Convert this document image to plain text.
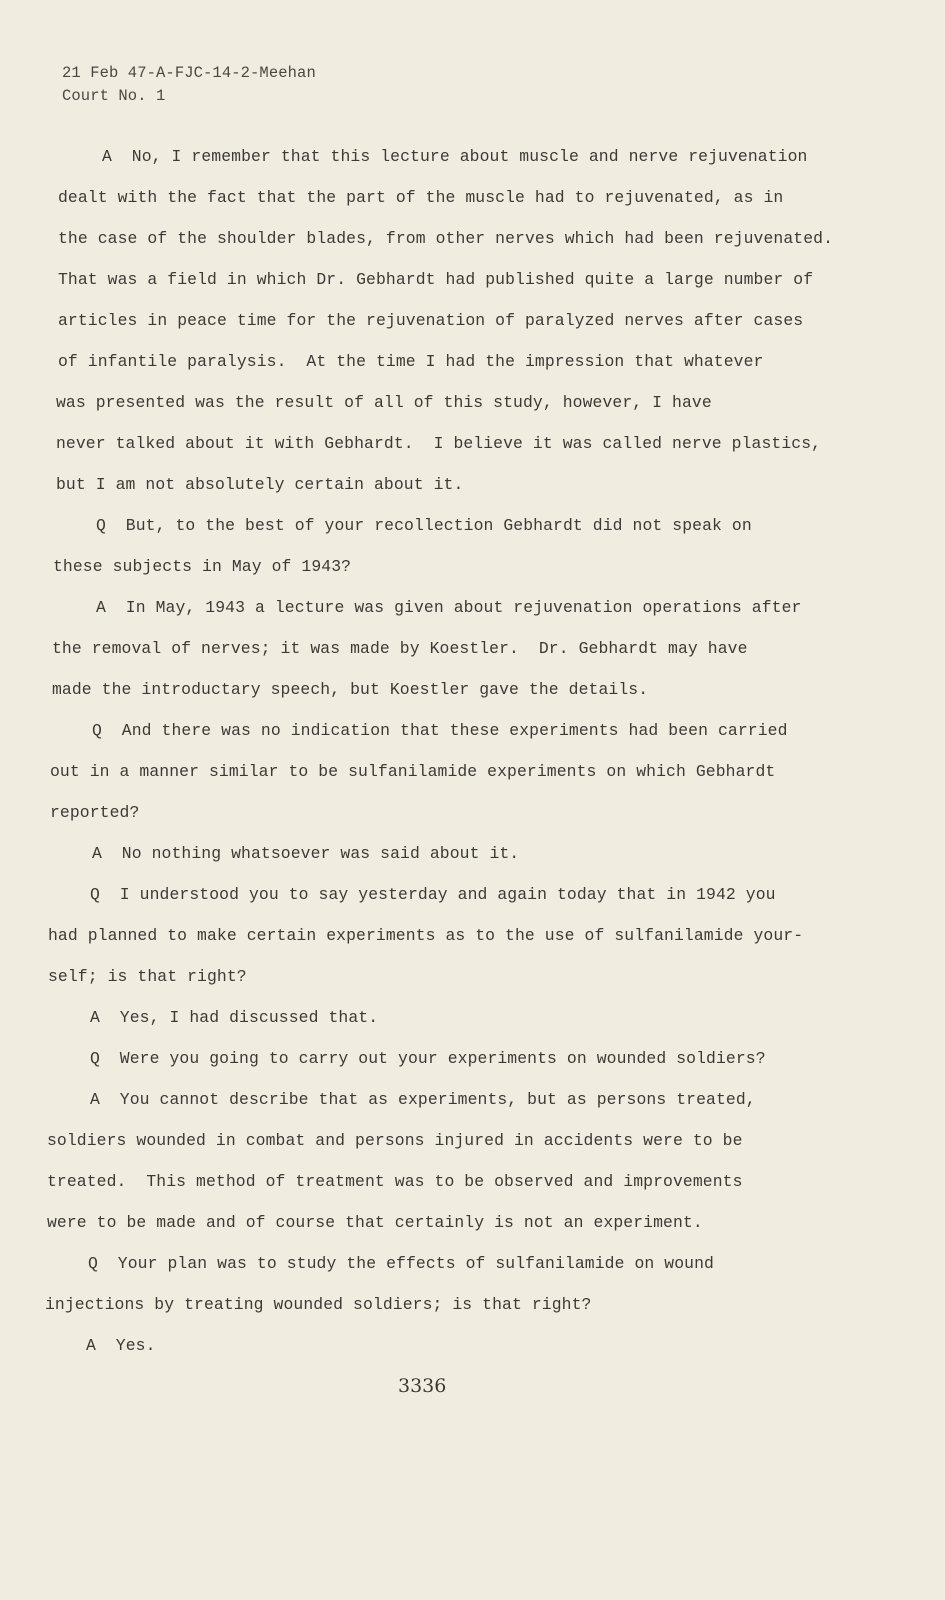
21 Feb 47-A-FJC-14-2-Meehan
Court No. 1
A  No, I remember that this lecture about muscle and nerve rejuvenation
dealt with the fact that the part of the muscle had to rejuvenated, as in
the case of the shoulder blades, from other nerves which had been rejuvenated.
That was a field in which Dr. Gebhardt had published quite a large number of
articles in peace time for the rejuvenation of paralyzed nerves after cases
of infantile paralysis.  At the time I had the impression that whatever
was presented was the result of all of this study, however, I have
never talked about it with Gebhardt.  I believe it was called nerve plastics,
but I am not absolutely certain about it.
Q  But, to the best of your recollection Gebhardt did not speak on
these subjects in May of 1943?
A  In May, 1943 a lecture was given about rejuvenation operations after
the removal of nerves; it was made by Koestler.  Dr. Gebhardt may have
made the introductary speech, but Koestler gave the details.
Q  And there was no indication that these experiments had been carried
out in a manner similar to be sulfanilamide experiments on which Gebhardt
reported?
A  No nothing whatsoever was said about it.
Q  I understood you to say yesterday and again today that in 1942 you
had planned to make certain experiments as to the use of sulfanilamide your-
self; is that right?
A  Yes, I had discussed that.
Q  Were you going to carry out your experiments on wounded soldiers?
A  You cannot describe that as experiments, but as persons treated,
soldiers wounded in combat and persons injured in accidents were to be
treated.  This method of treatment was to be observed and improvements
were to be made and of course that certainly is not an experiment.
Q  Your plan was to study the effects of sulfanilamide on wound
injections by treating wounded soldiers; is that right?
A  Yes.
3336
